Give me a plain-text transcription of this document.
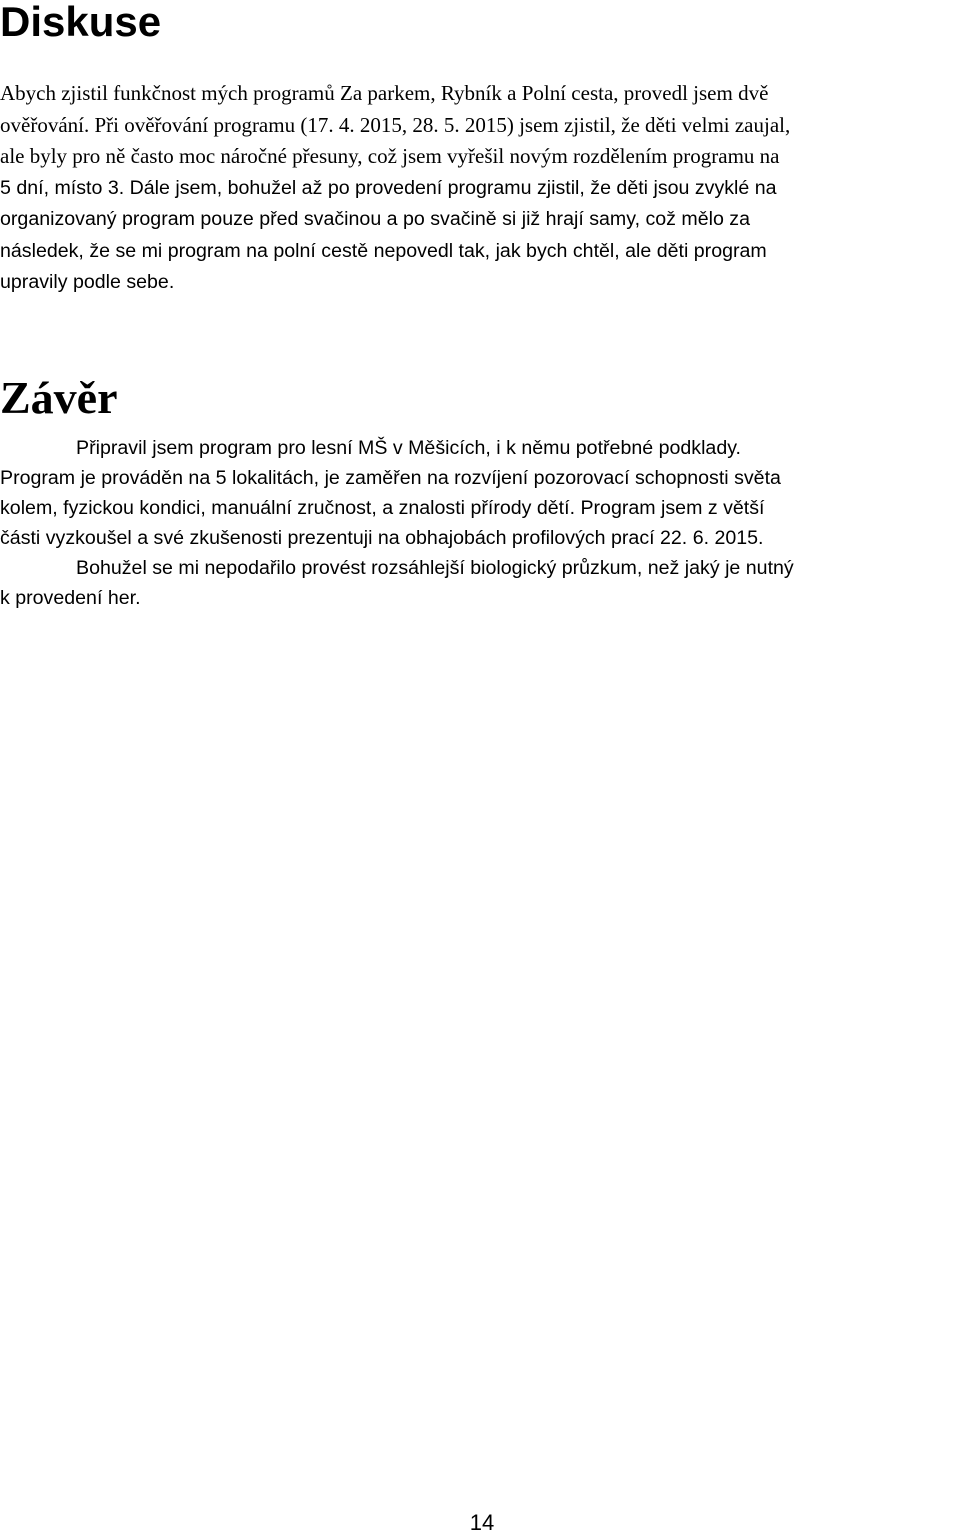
Diskuse
Abych zjistil funkčnost mých programů Za parkem, Rybník a Polní cesta, provedl jsem dvě
ověřování. Při ověřování programu (17. 4. 2015, 28. 5. 2015) jsem zjistil, že děti velmi zaujal,
ale byly pro ně často moc náročné přesuny, což jsem vyřešil novým rozdělením programu na
5 dní, místo 3. Dále jsem, bohužel až po provedení programu zjistil, že děti jsou zvyklé na
organizovaný program pouze před svačinou a po svačině si již hrají samy, což mělo za
následek, že se mi program na polní cestě nepovedl tak, jak bych chtěl, ale děti program
upravily podle sebe.
Závěr
Připravil jsem program pro lesní MŠ v Měšicích, i k němu potřebné podklady.
Program je prováděn na 5 lokalitách, je zaměřen na rozvíjení pozorovací schopnosti světa
kolem, fyzickou kondici, manuální zručnost, a znalosti přírody dětí. Program jsem z větší
části vyzkoušel a své zkušenosti prezentuji na obhajobách profilových prací 22. 6. 2015.
Bohužel se mi nepodařilo provést rozsáhlejší biologický průzkum, než jaký je nutný
k provedení her.
14
